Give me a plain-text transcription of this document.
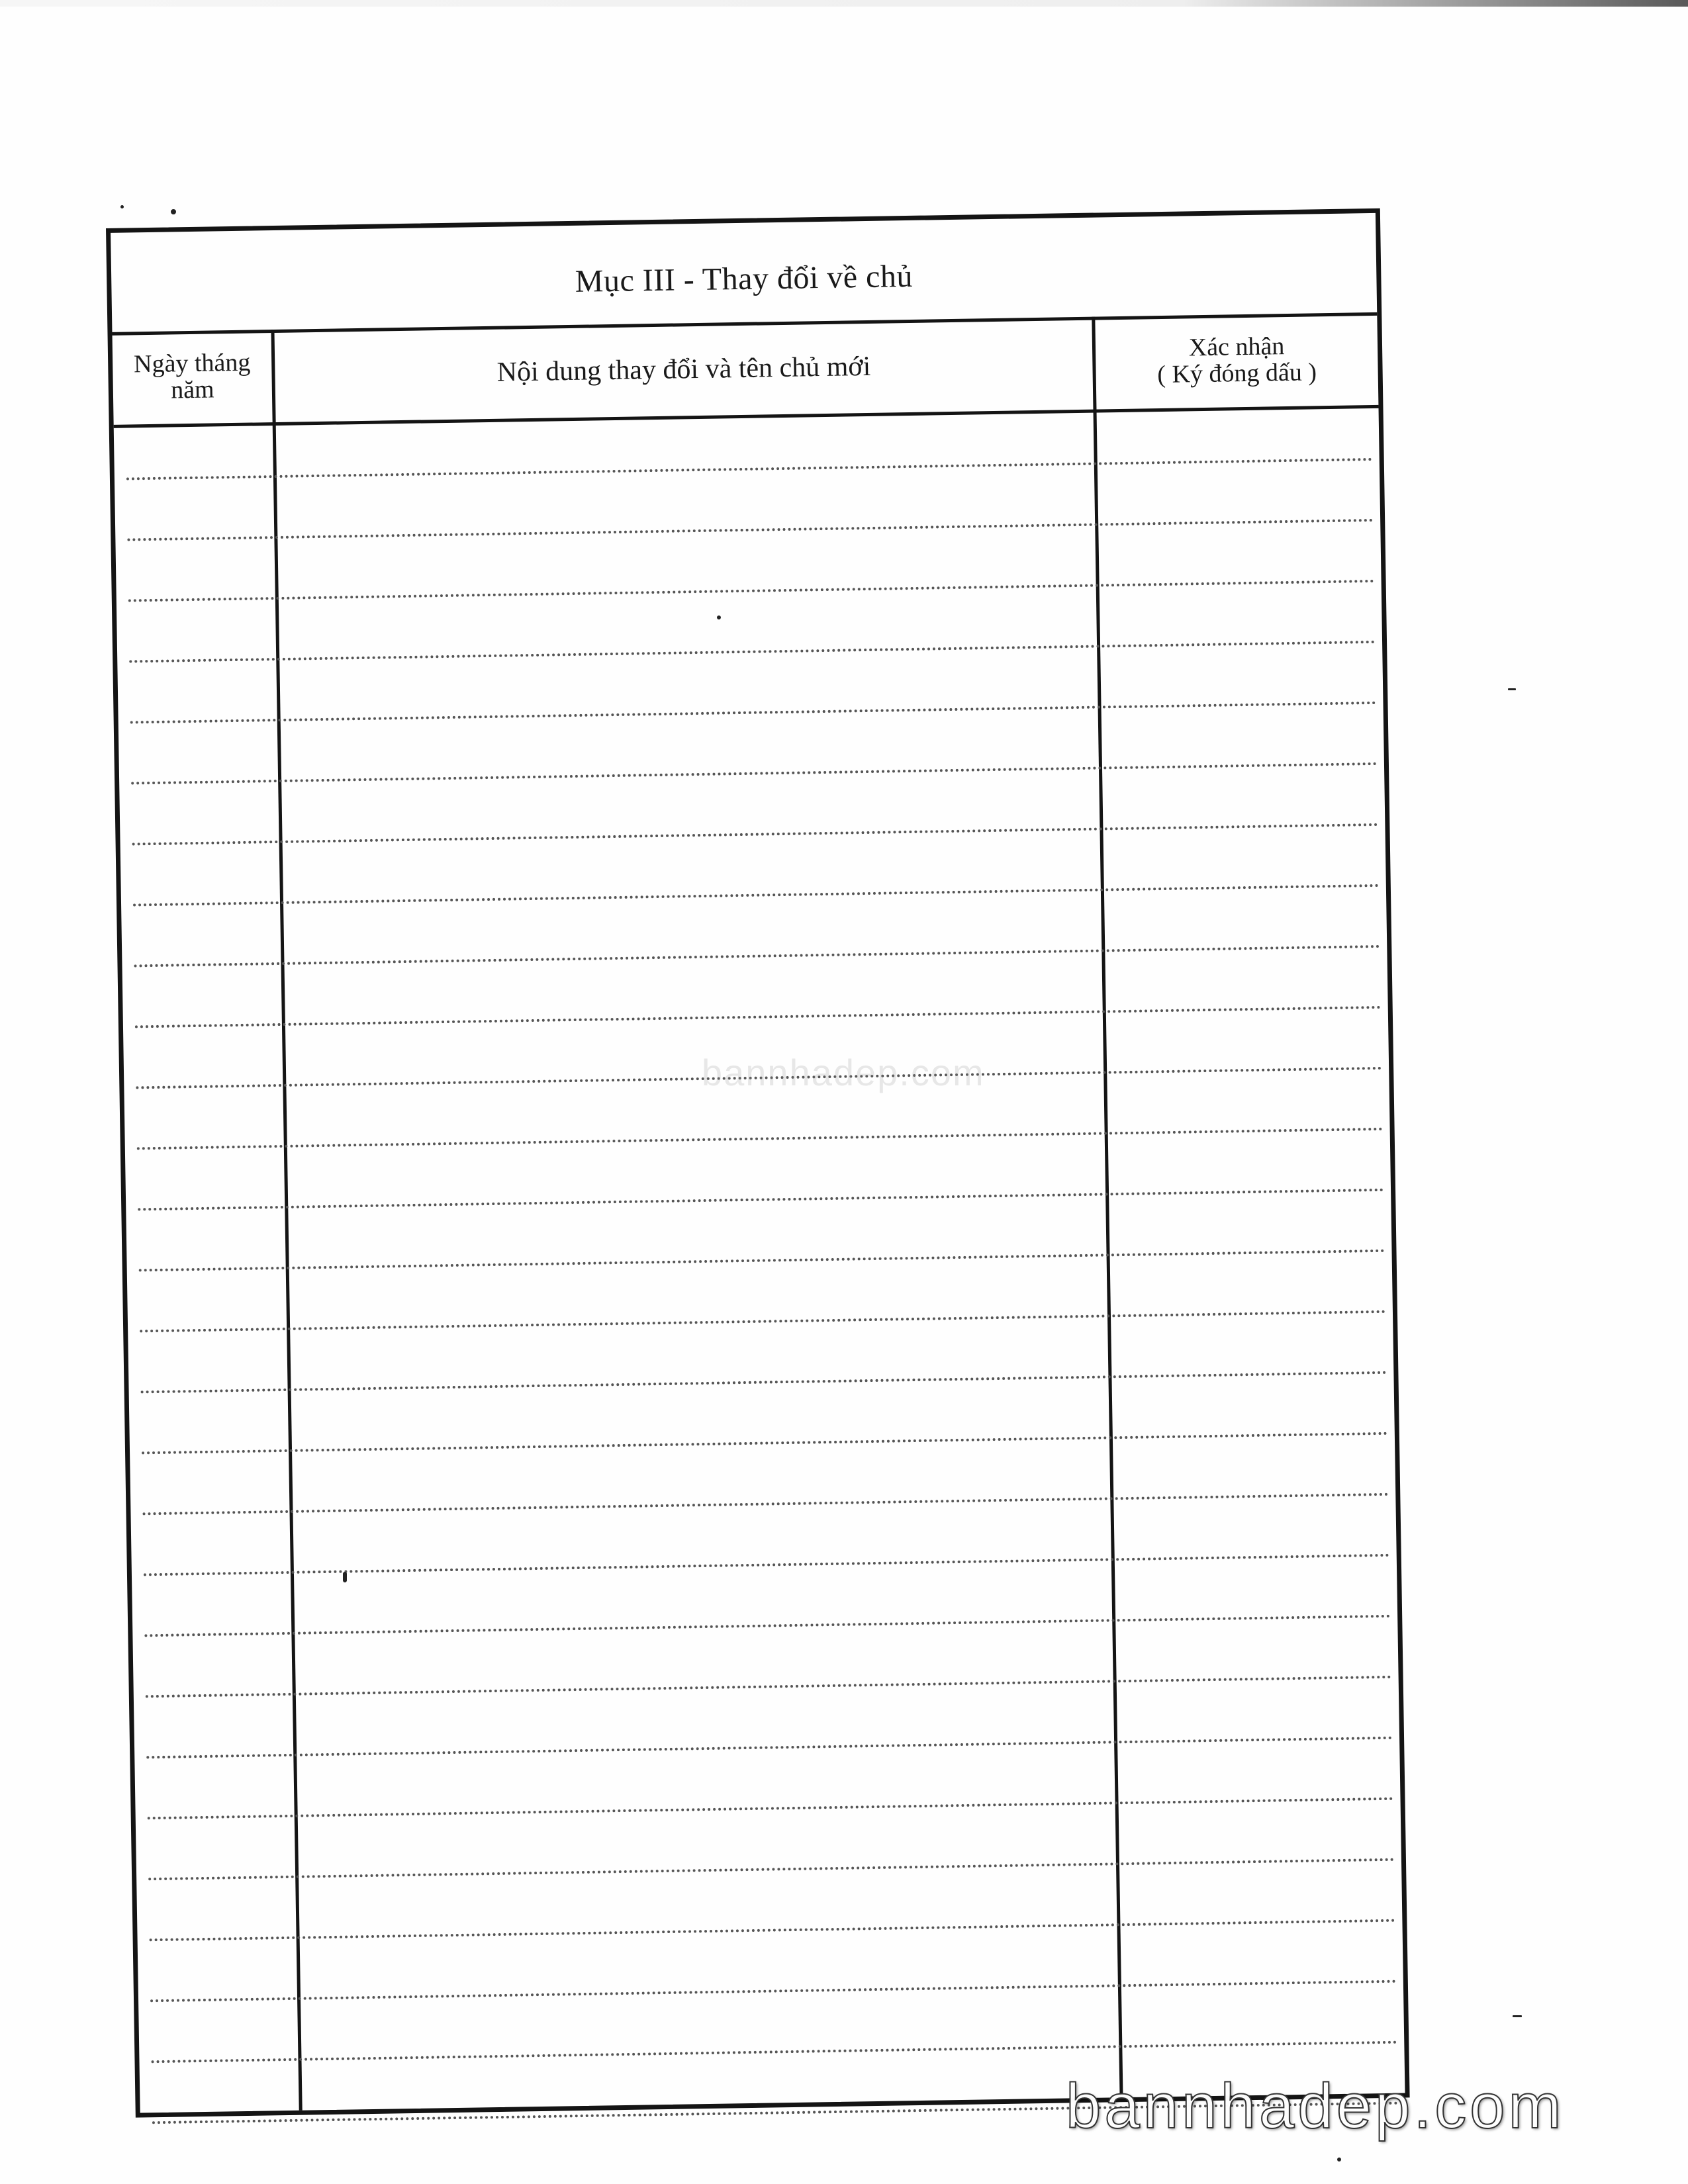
Mục III - Thay đổi về chủ
Ngày tháng
năm
Nội dung thay đổi và tên chủ mới
Xác nhận
( Ký đóng dấu )
bannhadep.com
bannhadep.com
